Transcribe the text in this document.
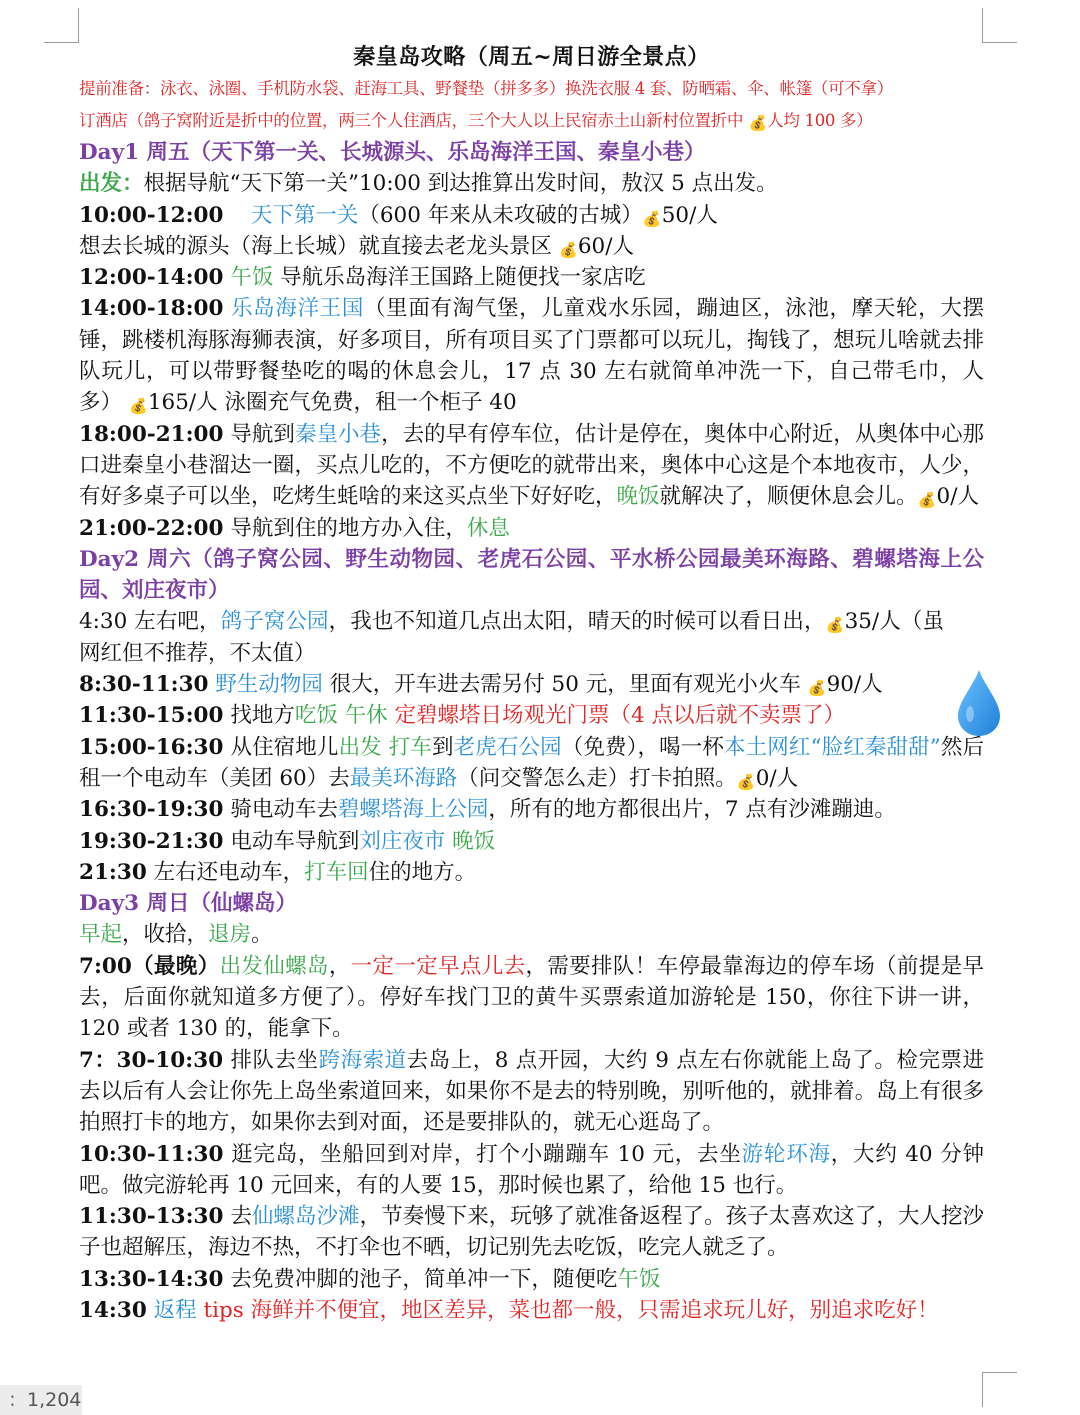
：1,204
秦皇岛攻略（周五~周日游全景点）
提前准备：泳衣、泳圈、手机防水袋、赶海工具、野餐垫（拼多多）换洗衣服 4 套、防晒霜、伞、帐篷（可不拿）
订酒店（鸽子窝附近是折中的位置，两三个人住酒店，三个大人以上民宿赤土山新村位置折中 💰人均 100 多）
Day1 周五（天下第一关、长城源头、乐岛海洋王国、秦皇小巷）
出发：根据导航“天下第一关”10:00 到达推算出发时间，敖汉 5 点出发。
10:00-12:00 天下第一关（600 年来从未攻破的古城）💰50/人
想去长城的源头（海上长城）就直接去老龙头景区 💰60/人
12:00-14:00 午饭 导航乐岛海洋王国路上随便找一家店吃
14:00-18:00 乐岛海洋王国（里面有淘气堡，儿童戏水乐园，蹦迪区，泳池，摩天轮，大摆锤，跳楼机海豚海狮表演，好多项目，所有项目买了门票都可以玩儿，掏钱了，想玩儿啥就去排队玩儿，可以带野餐垫吃的喝的休息会儿，17 点 30 左右就简单冲洗一下，自己带毛巾，人多） 💰165/人 泳圈充气免费，租一个柜子 40
18:00-21:00 导航到秦皇小巷，去的早有停车位，估计是停在，奥体中心附近，从奥体中心那口进秦皇小巷溜达一圈，买点儿吃的，不方便吃的就带出来，奥体中心这是个本地夜市，人少，有好多桌子可以坐，吃烤生蚝啥的来这买点坐下好好吃，晚饭就解决了，顺便休息会儿。💰0/人
21:00-22:00 导航到住的地方办入住，休息
Day2 周六（鸽子窝公园、野生动物园、老虎石公园、平水桥公园最美环海路、碧螺塔海上公园、刘庄夜市）
4:30 左右吧，鸽子窝公园，我也不知道几点出太阳，晴天的时候可以看日出，💰35/人（虽网红但不推荐，不太值）
8:30-11:30 野生动物园 很大，开车进去需另付 50 元，里面有观光小火车 💰90/人
11:30-15:00 找地方吃饭 午休 定碧螺塔日场观光门票（4 点以后就不卖票了）
15:00-16:30 从住宿地儿出发 打车到老虎石公园（免费），喝一杯本土网红“脸红秦甜甜”然后租一个电动车（美团 60）去最美环海路（问交警怎么走）打卡拍照。💰0/人
16:30-19:30 骑电动车去碧螺塔海上公园，所有的地方都很出片，7 点有沙滩蹦迪。
19:30-21:30 电动车导航到刘庄夜市 晚饭
21:30 左右还电动车，打车回住的地方。
Day3 周日（仙螺岛）
早起，收拾，退房。
7:00（最晚）出发仙螺岛，一定一定早点儿去，需要排队！车停最靠海边的停车场（前提是早去，后面你就知道多方便了）。停好车找门卫的黄牛买票索道加游轮是 150，你往下讲一讲，120 或者 130 的，能拿下。
7：30-10:30 排队去坐跨海索道去岛上，8 点开园，大约 9 点左右你就能上岛了。检完票进去以后有人会让你先上岛坐索道回来，如果你不是去的特别晚，别听他的，就排着。岛上有很多拍照打卡的地方，如果你去到对面，还是要排队的，就无心逛岛了。
10:30-11:30 逛完岛，坐船回到对岸，打个小蹦蹦车 10 元，去坐游轮环海，大约 40 分钟吧。做完游轮再 10 元回来，有的人要 15，那时候也累了，给他 15 也行。
11:30-13:30 去仙螺岛沙滩，节奏慢下来，玩够了就准备返程了。孩子太喜欢这了，大人挖沙子也超解压，海边不热，不打伞也不晒，切记别先去吃饭，吃完人就乏了。
13:30-14:30 去免费冲脚的池子，简单冲一下，随便吃午饭
14:30 返程 tips 海鲜并不便宜，地区差异，菜也都一般，只需追求玩儿好，别追求吃好！
